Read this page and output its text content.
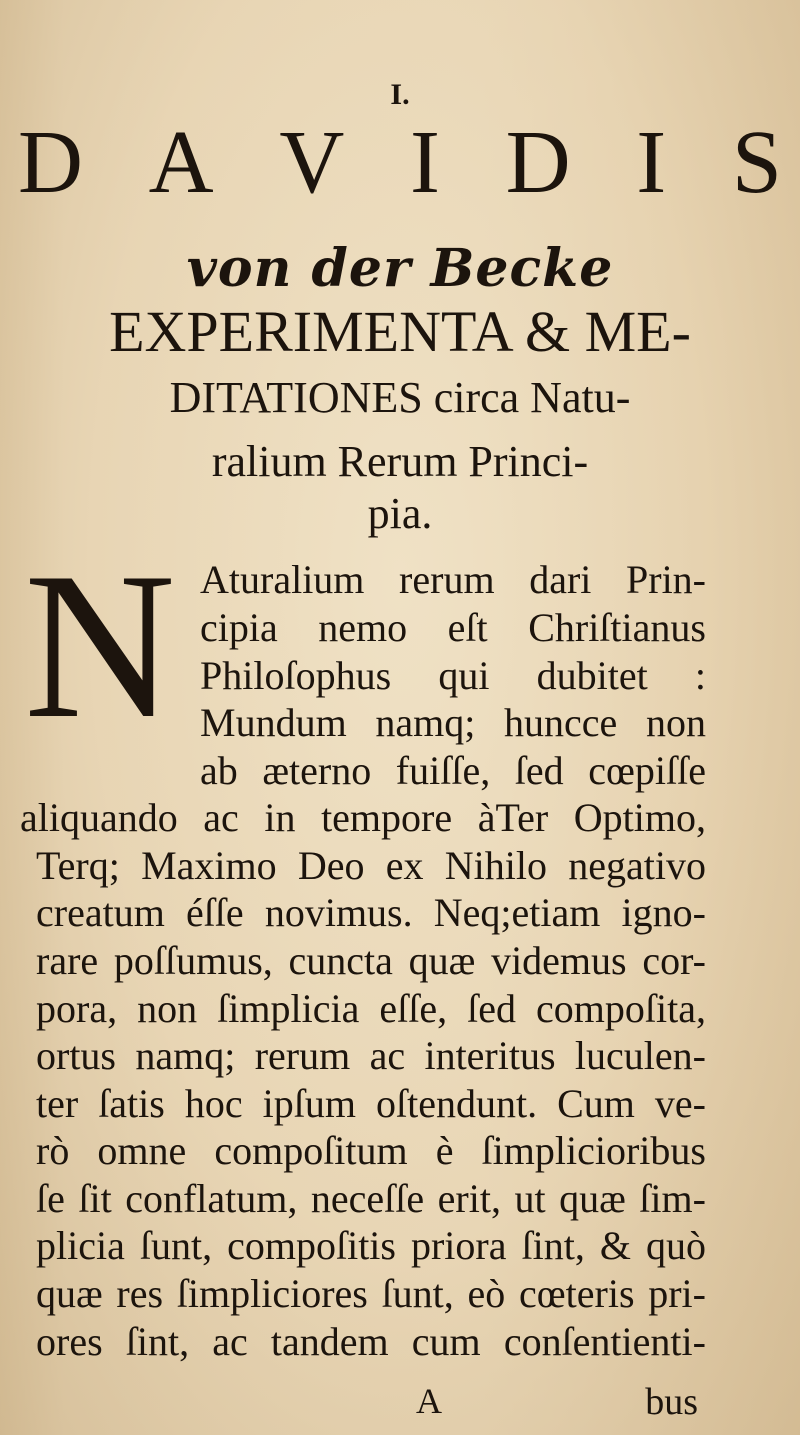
I.
D A V I D I S
von der Becke
EXPERIMENTA & ME-
DITATIONES circa Natu-
ralium Rerum Princi-
pia.
N Aturalium rerum dari Prin-
cipia nemo eſt Chriſtianus
Philoſophus qui dubitet :
Mundum namq; huncce non
ab æterno fuiſſe, ſed cœpiſſe
aliquando ac in tempore àTer Optimo,
Terq; Maximo Deo ex Nihilo negativo
creatum éſſe novimus. Neq;etiam igno-
rare poſſumus, cuncta quæ videmus cor-
pora, non ſimplicia eſſe, ſed compoſita,
ortus namq; rerum ac interitus luculen-
ter ſatis hoc ipſum oſtendunt. Cum ve-
rò omne compoſitum è ſimplicioribus
ſe ſit conflatum, neceſſe erit, ut quæ ſim-
plicia ſunt, compoſitis priora ſint, & quò
quæ res ſimpliciores ſunt, eò cœteris pri-
ores ſint, ac tandem cum conſentienti-
A	bus
